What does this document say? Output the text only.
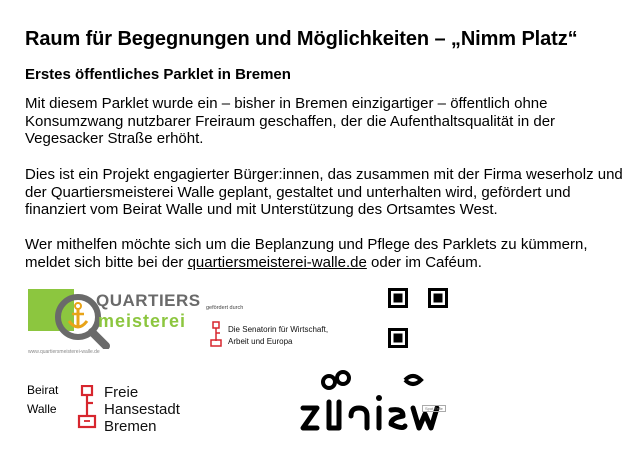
Raum für Begegnungen und Möglichkeiten – „Nimm Platz“
Erstes öffentliches Parklet in Bremen
Mit diesem Parklet wurde ein – bisher in Bremen einzigartiger – öffentlich ohne
Konsumzwang nutzbarer Freiraum geschaffen, der die Aufenthaltsqualität in der
Vegesacker Straße erhöht.
Dies ist ein Projekt engagierter Bürger:innen, das zusammen mit der Firma weserholz und
der Quartiersmeisterei Walle geplant, gestaltet und unterhalten wird, gefördert und
finanziert vom Beirat Walle und mit Unterstützung des Ortsamtes West.
Wer mithelfen möchte sich um die Beplanzung und Pflege des Parklets zu kümmern,
meldet sich bitte bei der quartiersmeisterei-walle.de oder im Caféum.
QUARTIERS
meisterei
www.quartiersmeisterei-walle.de
gefördert durch
Die Senatorin für Wirtschaft,
Arbeit und Europa
Beirat
Walle
Freie
Hansestadt
Bremen
Spot Erde
